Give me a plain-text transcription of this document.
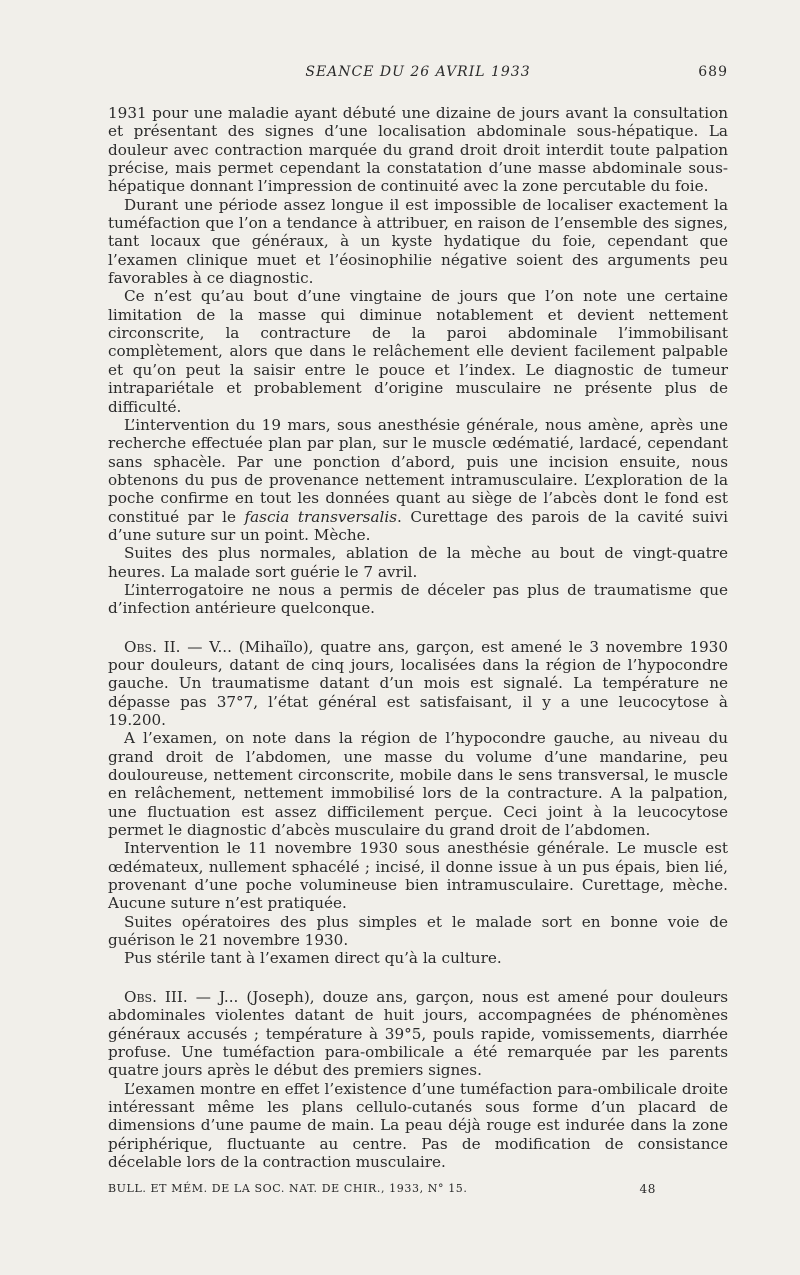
SEANCE DU 26 AVRIL 1933	689

1931 pour une maladie ayant débuté une dizaine de jours avant la consultation et présentant des signes d’une localisation abdominale sous-hépatique. La douleur avec contraction marquée du grand droit droit interdit toute palpation précise, mais permet cependant la constatation d’une masse abdominale sous-hépatique donnant l’impression de continuité avec la zone percutable du foie.

Durant une période assez longue il est impossible de localiser exactement la tuméfaction que l’on a tendance à attribuer, en raison de l’ensemble des signes, tant locaux que généraux, à un kyste hydatique du foie, cependant que l’examen clinique muet et l’éosinophilie négative soient des arguments peu favorables à ce diagnostic.

Ce n’est qu’au bout d’une vingtaine de jours que l’on note une certaine limitation de la masse qui diminue notablement et devient nettement circonscrite, la contracture de la paroi abdominale l’immobilisant complètement, alors que dans le relâchement elle devient facilement palpable et qu’on peut la saisir entre le pouce et l’index. Le diagnostic de tumeur intrapariétale et probablement d’origine musculaire ne présente plus de difficulté.

L’intervention du 19 mars, sous anesthésie générale, nous amène, après une recherche effectuée plan par plan, sur le muscle œdématié, lardacé, cependant sans sphacèle. Par une ponction d’abord, puis une incision ensuite, nous obtenons du pus de provenance nettement intramusculaire. L’exploration de la poche confirme en tout les données quant au siège de l’abcès dont le fond est constitué par le fascia transversalis. Curettage des parois de la cavité suivi d’une suture sur un point. Mèche.

Suites des plus normales, ablation de la mèche au bout de vingt-quatre heures. La malade sort guérie le 7 avril.

L’interrogatoire ne nous a permis de déceler pas plus de traumatisme que d’infection antérieure quelconque.

Obs. II. — V... (Mihaïlo), quatre ans, garçon, est amené le 3 novembre 1930 pour douleurs, datant de cinq jours, localisées dans la région de l’hypocondre gauche. Un traumatisme datant d’un mois est signalé. La température ne dépasse pas 37°7, l’état général est satisfaisant, il y a une leucocytose à 19.200.

A l’examen, on note dans la région de l’hypocondre gauche, au niveau du grand droit de l’abdomen, une masse du volume d’une mandarine, peu douloureuse, nettement circonscrite, mobile dans le sens transversal, le muscle en relâchement, nettement immobilisé lors de la contracture. A la palpation, une fluctuation est assez difficilement perçue. Ceci joint à la leucocytose permet le diagnostic d’abcès musculaire du grand droit de l’abdomen.

Intervention le 11 novembre 1930 sous anesthésie générale. Le muscle est œdémateux, nullement sphacélé ; incisé, il donne issue à un pus épais, bien lié, provenant d’une poche volumineuse bien intramusculaire. Curettage, mèche. Aucune suture n’est pratiquée.

Suites opératoires des plus simples et le malade sort en bonne voie de guérison le 21 novembre 1930.

Pus stérile tant à l’examen direct qu’à la culture.

Obs. III. — J... (Joseph), douze ans, garçon, nous est amené pour douleurs abdominales violentes datant de huit jours, accompagnées de phénomènes généraux accusés ; température à 39°5, pouls rapide, vomissements, diarrhée profuse. Une tuméfaction para-ombilicale a été remarquée par les parents quatre jours après le début des premiers signes.

L’examen montre en effet l’existence d’une tuméfaction para-ombilicale droite intéressant même les plans cellulo-cutanés sous forme d’un placard de dimensions d’une paume de main. La peau déjà rouge est indurée dans la zone périphérique, fluctuante au centre. Pas de modification de consistance décelable lors de la contraction musculaire.

BULL. ET MÉM. DE LA SOC. NAT. DE CHIR., 1933, N° 15.	48
